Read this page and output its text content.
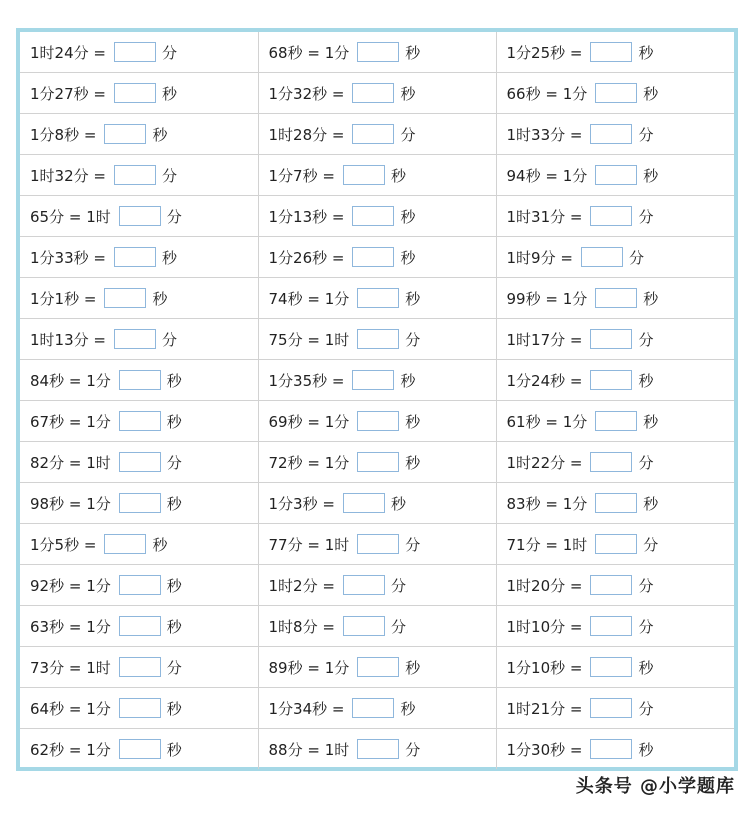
1时24分 = 分	68秒 = 1分 秒	1分25秒 = 秒
1分27秒 = 秒	1分32秒 = 秒	66秒 = 1分 秒
1分8秒 = 秒	1时28分 = 分	1时33分 = 分
1时32分 = 分	1分7秒 = 秒	94秒 = 1分 秒
65分 = 1时 分	1分13秒 = 秒	1时31分 = 分
1分33秒 = 秒	1分26秒 = 秒	1时9分 = 分
1分1秒 = 秒	74秒 = 1分 秒	99秒 = 1分 秒
1时13分 = 分	75分 = 1时 分	1时17分 = 分
84秒 = 1分 秒	1分35秒 = 秒	1分24秒 = 秒
67秒 = 1分 秒	69秒 = 1分 秒	61秒 = 1分 秒
82分 = 1时 分	72秒 = 1分 秒	1时22分 = 分
98秒 = 1分 秒	1分3秒 = 秒	83秒 = 1分 秒
1分5秒 = 秒	77分 = 1时 分	71分 = 1时 分
92秒 = 1分 秒	1时2分 = 分	1时20分 = 分
63秒 = 1分 秒	1时8分 = 分	1时10分 = 分
73分 = 1时 分	89秒 = 1分 秒	1分10秒 = 秒
64秒 = 1分 秒	1分34秒 = 秒	1时21分 = 分
62秒 = 1分 秒	88分 = 1时 分	1分30秒 = 秒
头条号 @小学题库
